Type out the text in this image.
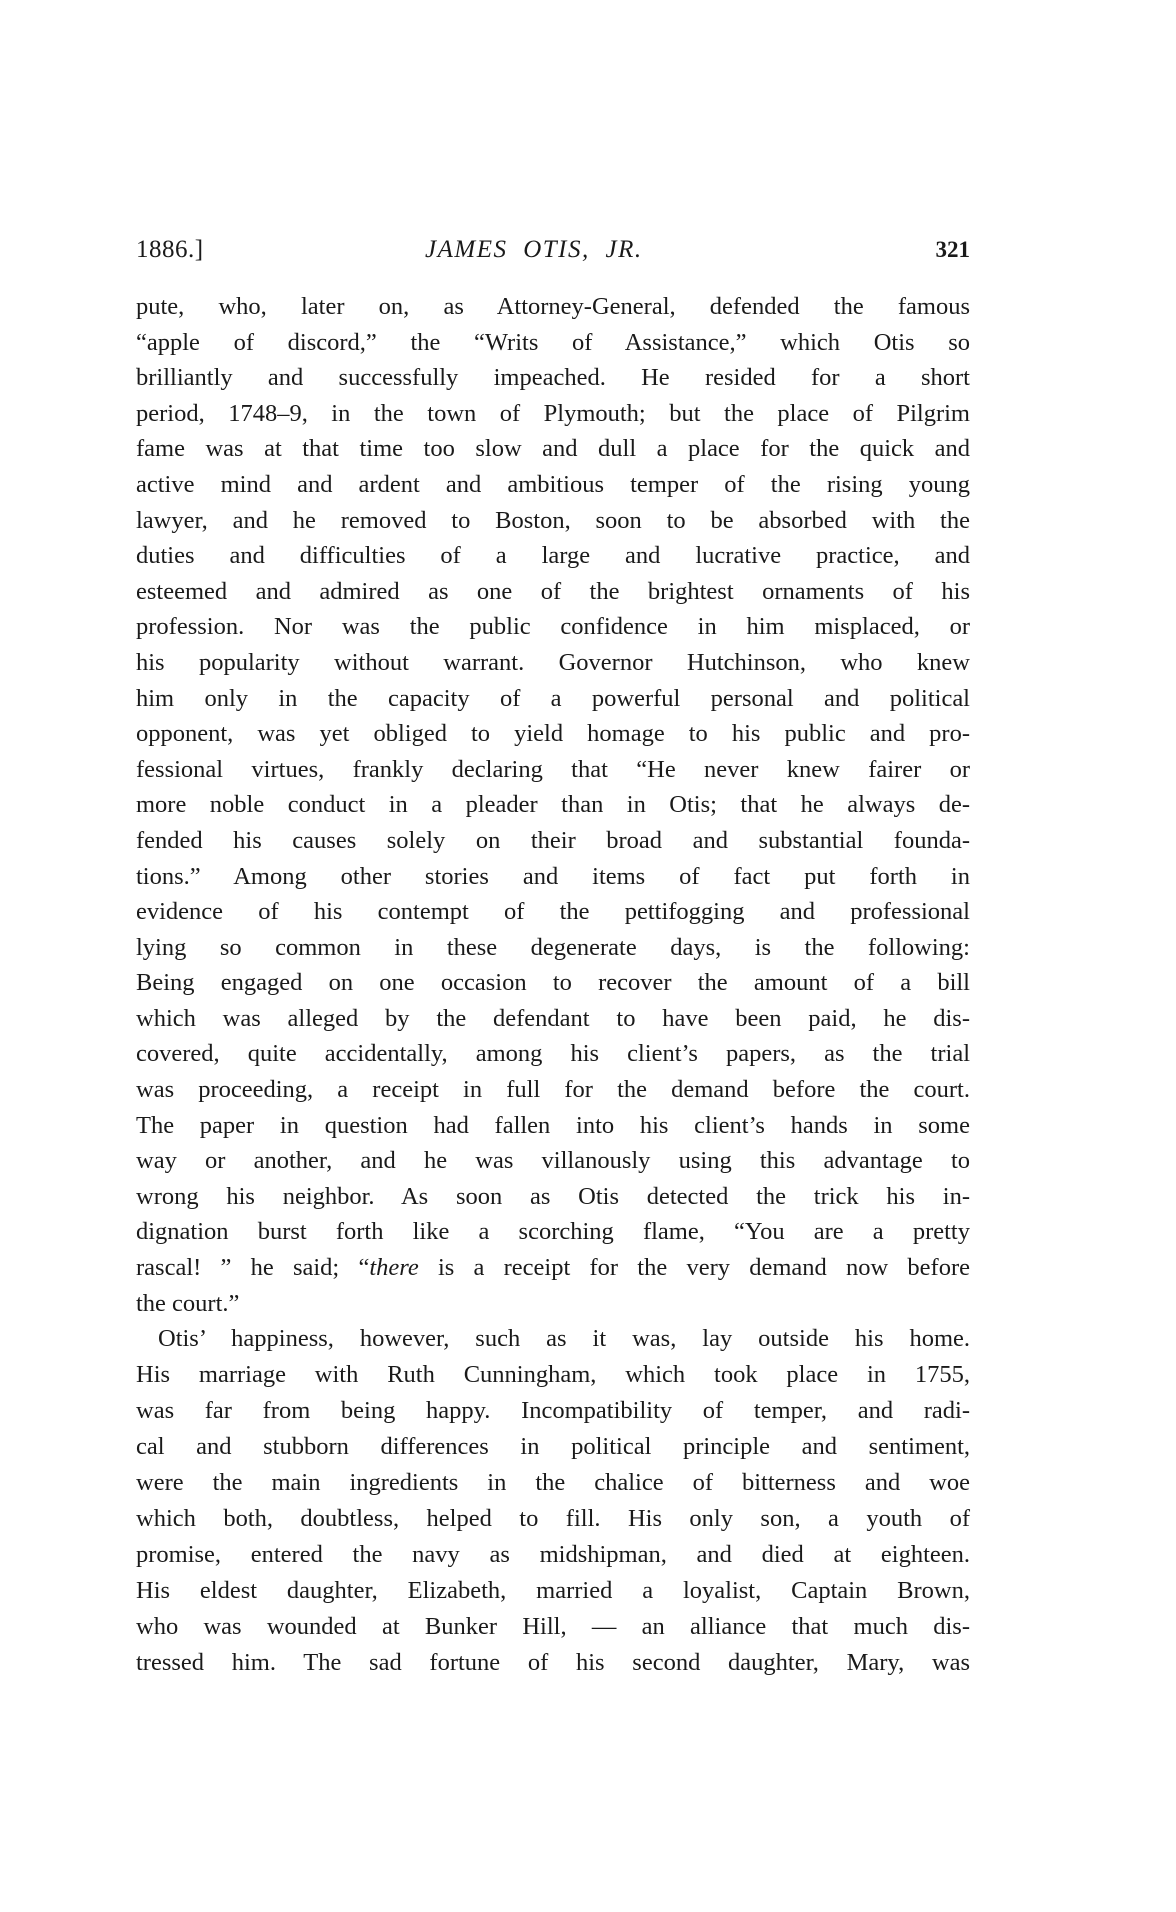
1886.]	JAMES OTIS, JR.	321
pute, who, later on, as Attorney-General, defended the famous
“apple of discord,” the “Writs of Assistance,” which Otis so
brilliantly and successfully impeached. He resided for a short
period, 1748–9, in the town of Plymouth; but the place of Pilgrim
fame was at that time too slow and dull a place for the quick and
active mind and ardent and ambitious temper of the rising young
lawyer, and he removed to Boston, soon to be absorbed with the
duties and difficulties of a large and lucrative practice, and
esteemed and admired as one of the brightest ornaments of his
profession. Nor was the public confidence in him misplaced, or
his popularity without warrant. Governor Hutchinson, who knew
him only in the capacity of a powerful personal and political
opponent, was yet obliged to yield homage to his public and pro-
fessional virtues, frankly declaring that “He never knew fairer or
more noble conduct in a pleader than in Otis; that he always de-
fended his causes solely on their broad and substantial founda-
tions.” Among other stories and items of fact put forth in
evidence of his contempt of the pettifogging and professional
lying so common in these degenerate days, is the following:
Being engaged on one occasion to recover the amount of a bill
which was alleged by the defendant to have been paid, he dis-
covered, quite accidentally, among his client’s papers, as the trial
was proceeding, a receipt in full for the demand before the court.
The paper in question had fallen into his client’s hands in some
way or another, and he was villanously using this advantage to
wrong his neighbor. As soon as Otis detected the trick his in-
dignation burst forth like a scorching flame, “You are a pretty
rascal! ” he said; “there is a receipt for the very demand now before
the court.”
Otis’ happiness, however, such as it was, lay outside his home.
His marriage with Ruth Cunningham, which took place in 1755,
was far from being happy. Incompatibility of temper, and radi-
cal and stubborn differences in political principle and sentiment,
were the main ingredients in the chalice of bitterness and woe
which both, doubtless, helped to fill. His only son, a youth of
promise, entered the navy as midshipman, and died at eighteen.
His eldest daughter, Elizabeth, married a loyalist, Captain Brown,
who was wounded at Bunker Hill, — an alliance that much dis-
tressed him. The sad fortune of his second daughter, Mary, was
